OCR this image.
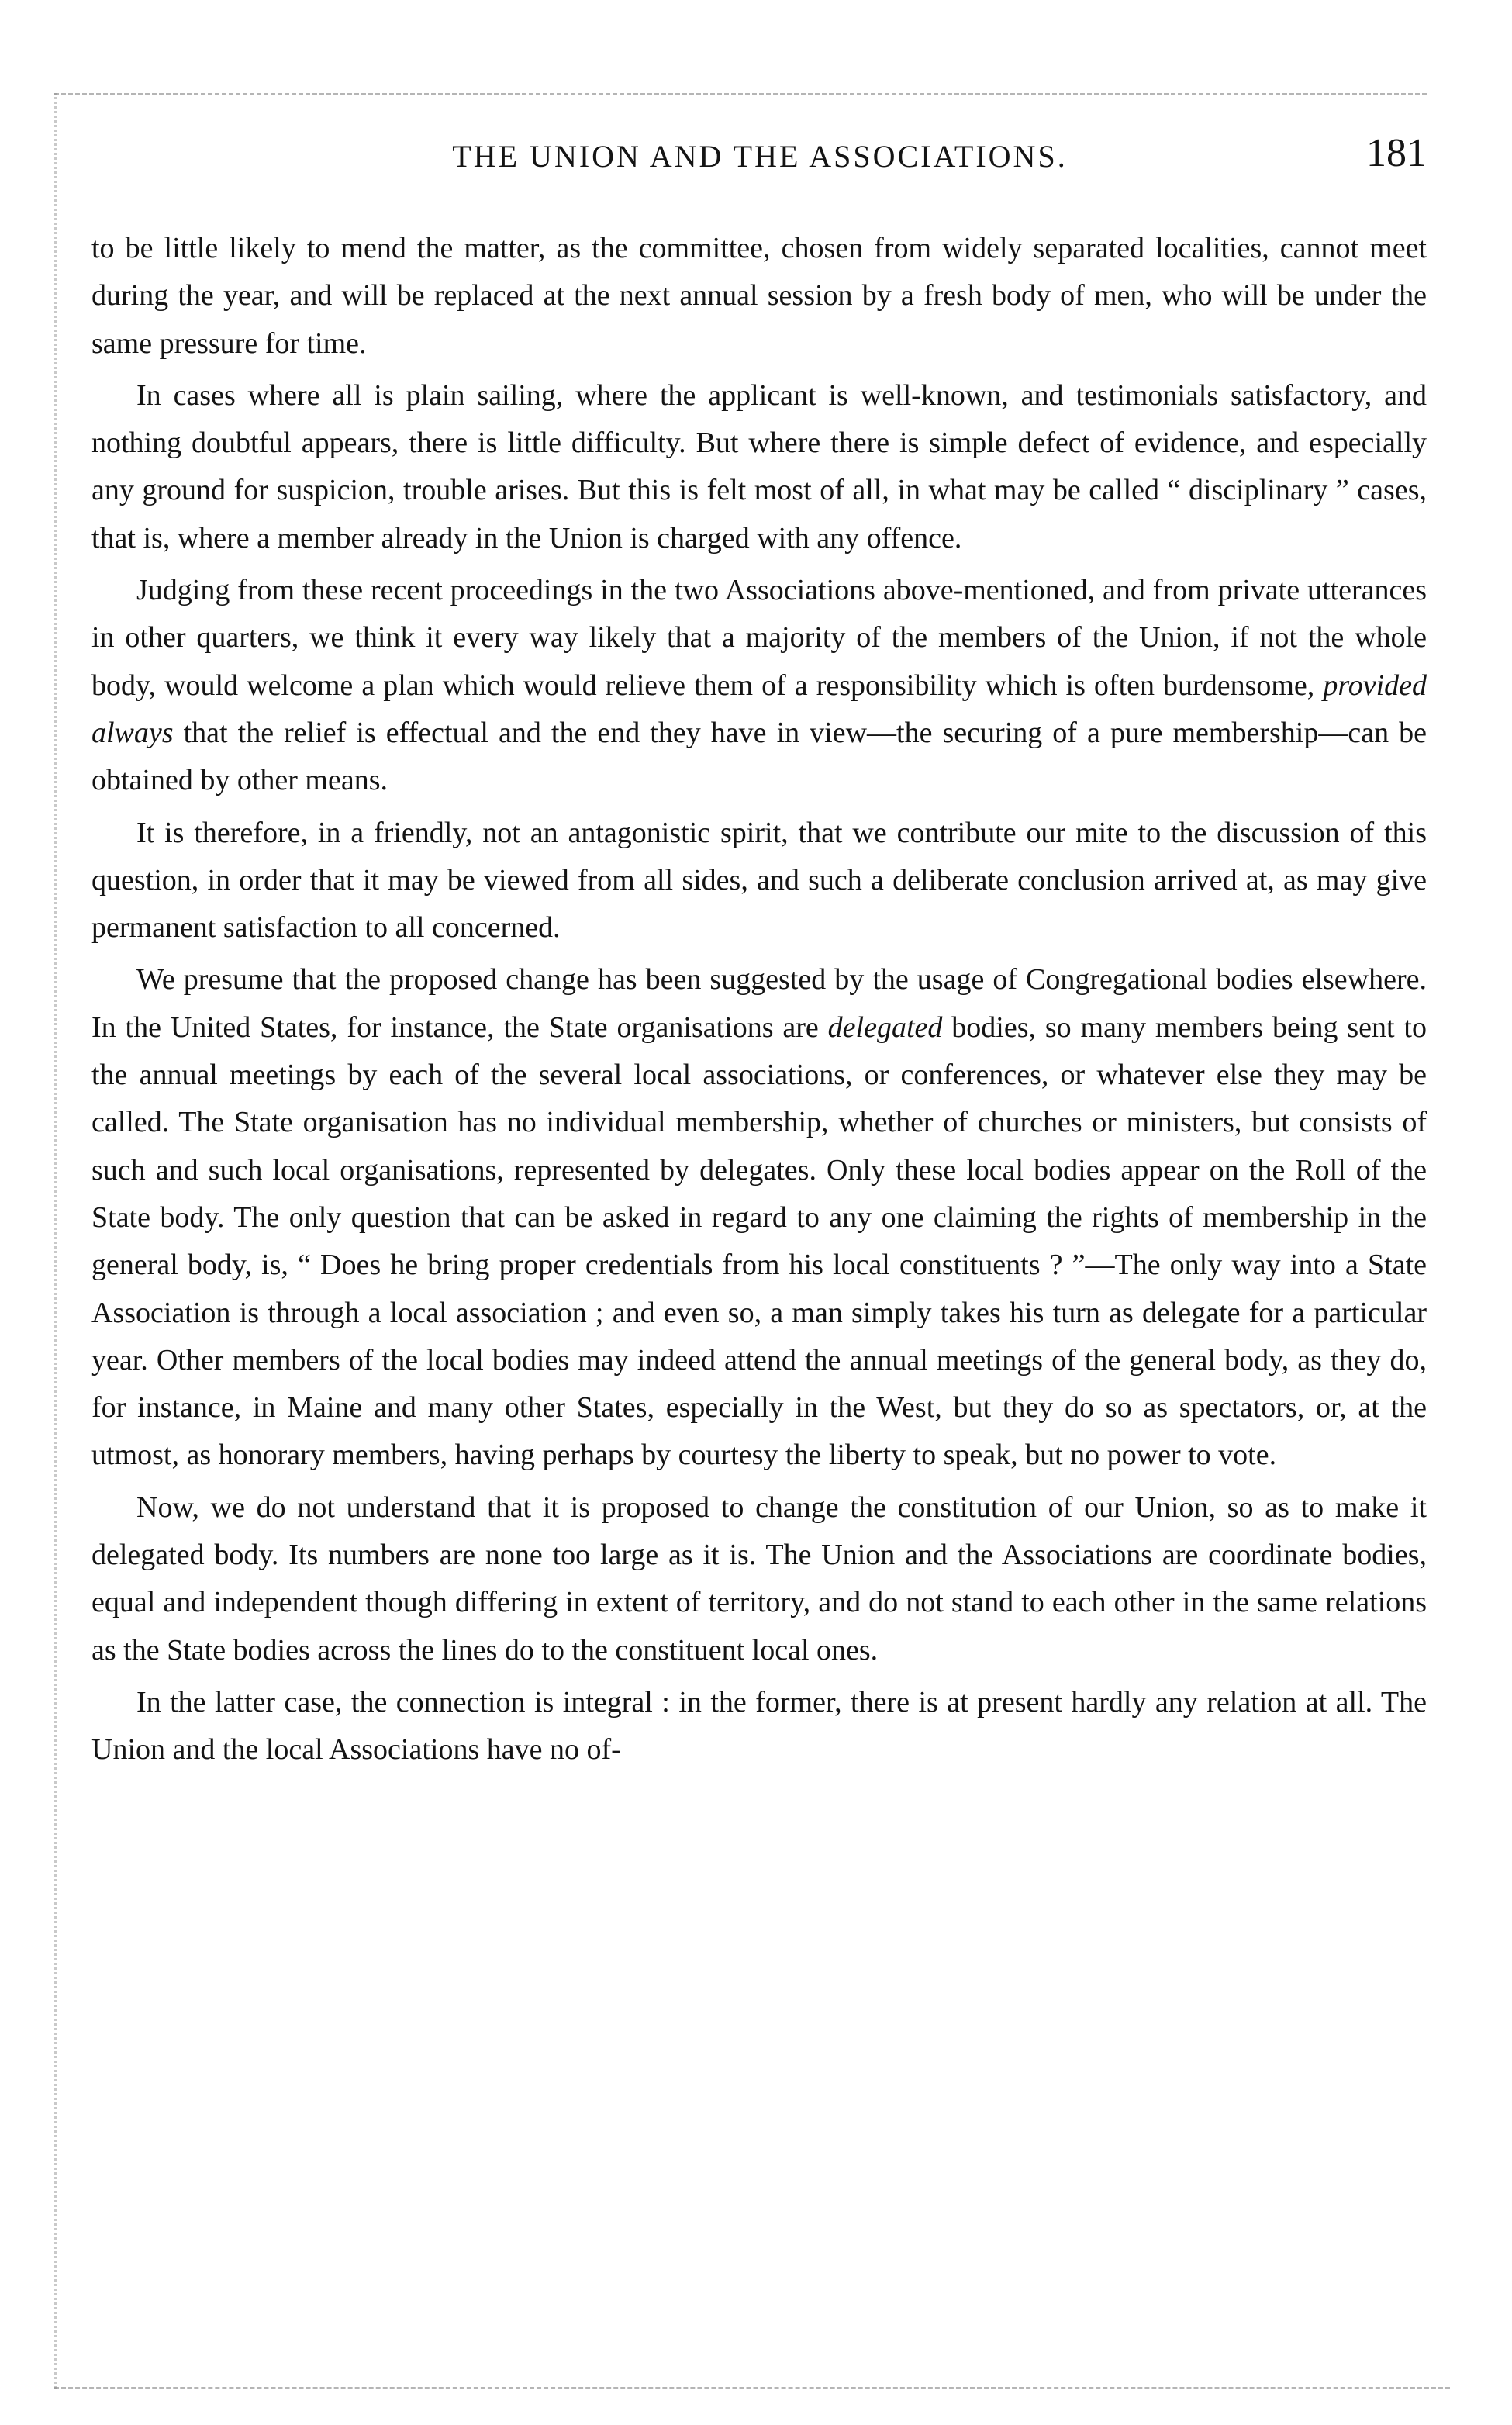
THE UNION AND THE ASSOCIATIONS.	181

to be little likely to mend the matter, as the committee, chosen from widely separated localities, cannot meet during the year, and will be replaced at the next annual session by a fresh body of men, who will be under the same pressure for time.

In cases where all is plain sailing, where the applicant is well-known, and testimonials satisfactory, and nothing doubtful appears, there is little difficulty. But where there is simple defect of evidence, and especially any ground for suspicion, trouble arises. But this is felt most of all, in what may be called “ disciplinary ” cases, that is, where a member already in the Union is charged with any offence.

Judging from these recent proceedings in the two Associations above-mentioned, and from private utterances in other quarters, we think it every way likely that a majority of the members of the Union, if not the whole body, would welcome a plan which would relieve them of a responsibility which is often burdensome, provided always that the relief is effectual and the end they have in view—the securing of a pure membership—can be obtained by other means.

It is therefore, in a friendly, not an antagonistic spirit, that we contribute our mite to the discussion of this question, in order that it may be viewed from all sides, and such a deliberate conclusion arrived at, as may give permanent satisfaction to all concerned.

We presume that the proposed change has been suggested by the usage of Congregational bodies elsewhere. In the United States, for instance, the State organisations are delegated bodies, so many members being sent to the annual meetings by each of the several local associations, or conferences, or whatever else they may be called. The State organisation has no individual membership, whether of churches or ministers, but consists of such and such local organisations, represented by delegates. Only these local bodies appear on the Roll of the State body. The only question that can be asked in regard to any one claiming the rights of membership in the general body, is, “ Does he bring proper credentials from his local constituents ? ”—The only way into a State Association is through a local association ; and even so, a man simply takes his turn as delegate for a particular year. Other members of the local bodies may indeed attend the annual meetings of the general body, as they do, for instance, in Maine and many other States, especially in the West, but they do so as spectators, or, at the utmost, as honorary members, having perhaps by courtesy the liberty to speak, but no power to vote.

Now, we do not understand that it is proposed to change the constitution of our Union, so as to make it delegated body. Its numbers are none too large as it is. The Union and the Associations are coordinate bodies, equal and independent though differing in extent of territory, and do not stand to each other in the same relations as the State bodies across the lines do to the constituent local ones.

In the latter case, the connection is integral : in the former, there is at present hardly any relation at all. The Union and the local Associations have no of-
